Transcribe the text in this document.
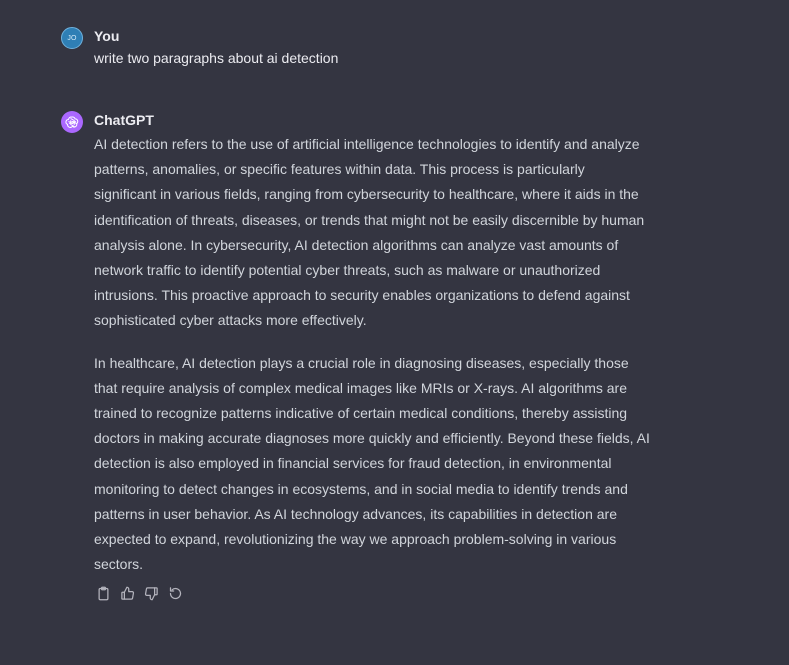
JO You
write two paragraphs about ai detection
ChatGPT

AI detection refers to the use of artificial intelligence technologies to identify and analyze patterns, anomalies, or specific features within data. This process is particularly significant in various fields, ranging from cybersecurity to healthcare, where it aids in the identification of threats, diseases, or trends that might not be easily discernible by human analysis alone. In cybersecurity, AI detection algorithms can analyze vast amounts of network traffic to identify potential cyber threats, such as malware or unauthorized intrusions. This proactive approach to security enables organizations to defend against sophisticated cyber attacks more effectively.

In healthcare, AI detection plays a crucial role in diagnosing diseases, especially those that require analysis of complex medical images like MRIs or X-rays. AI algorithms are trained to recognize patterns indicative of certain medical conditions, thereby assisting doctors in making accurate diagnoses more quickly and efficiently. Beyond these fields, AI detection is also employed in financial services for fraud detection, in environmental monitoring to detect changes in ecosystems, and in social media to identify trends and patterns in user behavior. As AI technology advances, its capabilities in detection are expected to expand, revolutionizing the way we approach problem-solving in various sectors.
